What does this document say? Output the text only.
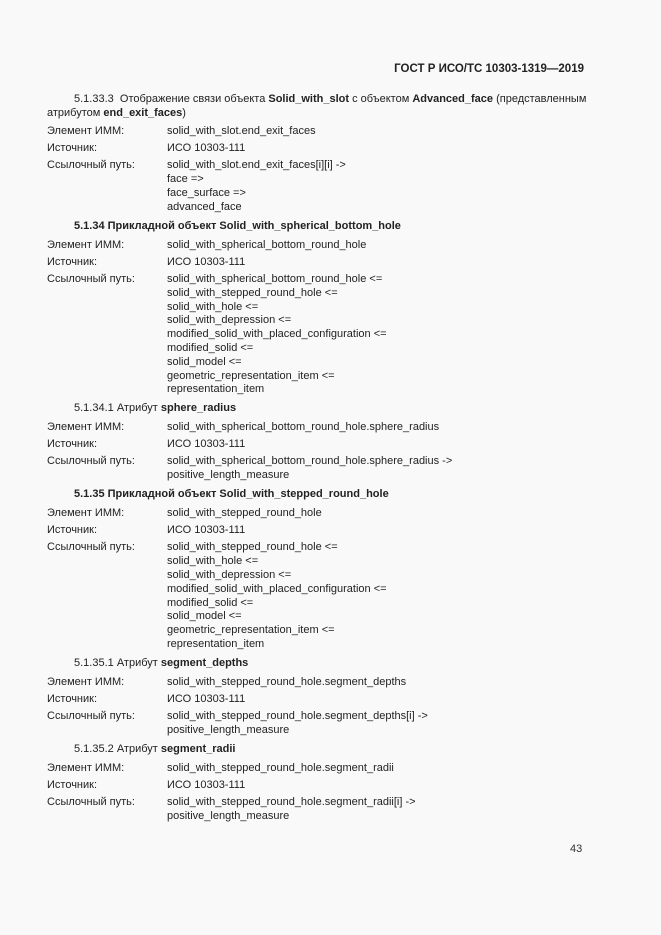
ГОСТ Р ИСО/ТС 10303-1319—2019

5.1.33.3 Отображение связи объекта Solid_with_slot с объектом Advanced_face (представленным атрибутом end_exit_faces)

Элемент ИММ:	solid_with_slot.end_exit_faces
Источник:	ИСО 10303-111
Ссылочный путь:	solid_with_slot.end_exit_faces[i][i] ->
face =>
face_surface =>
advanced_face
5.1.34 Прикладной объект Solid_with_spherical_bottom_hole
Элемент ИММ:	solid_with_spherical_bottom_round_hole
Источник:	ИСО 10303-111
Ссылочный путь:	solid_with_spherical_bottom_round_hole <=
solid_with_stepped_round_hole <=
solid_with_hole <=
solid_with_depression <=
modified_solid_with_placed_configuration <=
modified_solid <=
solid_model <=
geometric_representation_item <=
representation_item
5.1.34.1 Атрибут sphere_radius
Элемент ИММ:	solid_with_spherical_bottom_round_hole.sphere_radius
Источник:	ИСО 10303-111
Ссылочный путь:	solid_with_spherical_bottom_round_hole.sphere_radius ->
positive_length_measure
5.1.35 Прикладной объект Solid_with_stepped_round_hole
Элемент ИММ:	solid_with_stepped_round_hole
Источник:	ИСО 10303-111
Ссылочный путь:	solid_with_stepped_round_hole <=
solid_with_hole <=
solid_with_depression <=
modified_solid_with_placed_configuration <=
modified_solid <=
solid_model <=
geometric_representation_item <=
representation_item
5.1.35.1 Атрибут segment_depths
Элемент ИММ:	solid_with_stepped_round_hole.segment_depths
Источник:	ИСО 10303-111
Ссылочный путь:	solid_with_stepped_round_hole.segment_depths[i] ->
positive_length_measure
5.1.35.2 Атрибут segment_radii
Элемент ИММ:	solid_with_stepped_round_hole.segment_radii
Источник:	ИСО 10303-111
Ссылочный путь:	solid_with_stepped_round_hole.segment_radii[i] ->
positive_length_measure
43
